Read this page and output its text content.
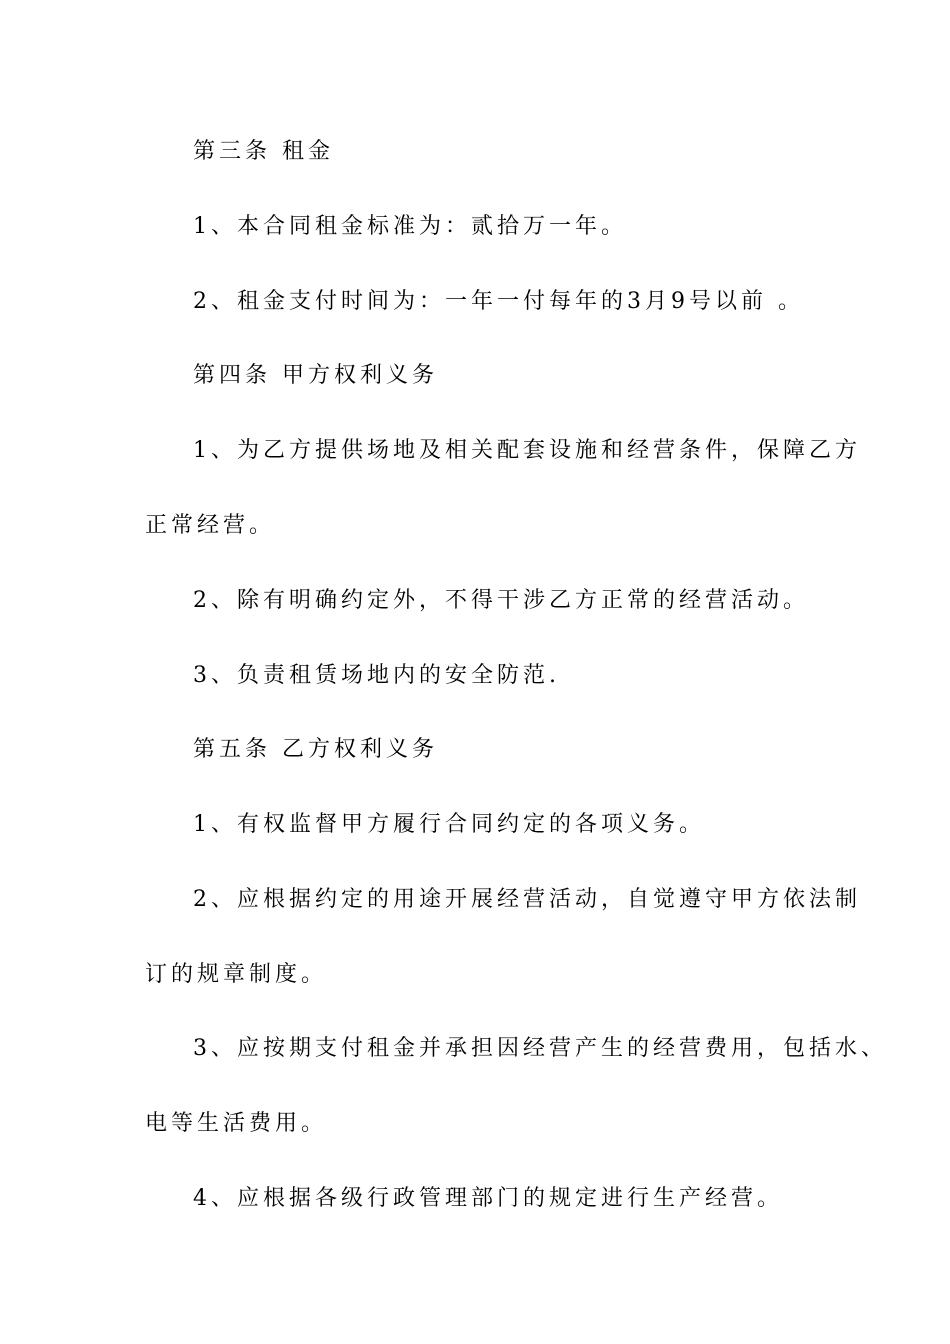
第三条 租金
1、本合同租金标准为：贰拾万一年。
2、租金支付时间为：一年一付每年的3月9号以前 。
第四条 甲方权利义务
1、为乙方提供场地及相关配套设施和经营条件，保障乙方
正常经营。
2、除有明确约定外，不得干涉乙方正常的经营活动。
3、负责租赁场地内的安全防范.
第五条 乙方权利义务
1、有权监督甲方履行合同约定的各项义务。
2、应根据约定的用途开展经营活动，自觉遵守甲方依法制
订的规章制度。
3、应按期支付租金并承担因经营产生的经营费用，包括水、
电等生活费用。
4、应根据各级行政管理部门的规定进行生产经营。
